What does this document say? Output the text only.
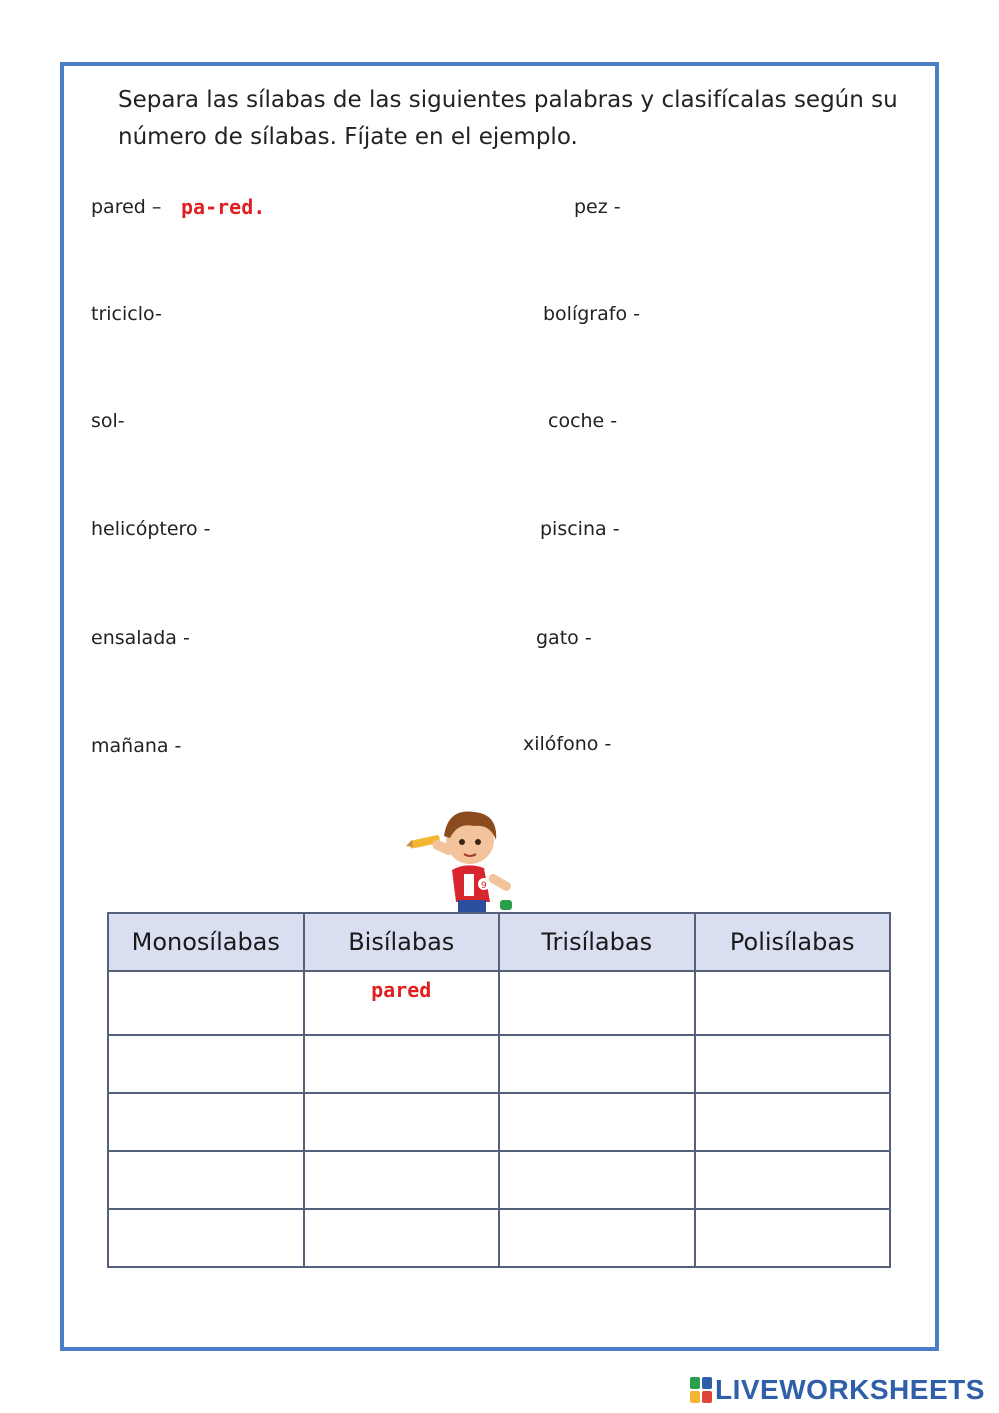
Separa las sílabas de las siguientes palabras y clasifícalas según su número de sílabas. Fíjate en el ejemplo.
pared – pa-red.	pez -
triciclo-	bolígrafo -
sol-	coche -
helicóptero -	piscina -
ensalada -	gato -
mañana -	xilófono -
9
Monosílabas	Bisílabas	Trisílabas	Polisílabas
	pared		

LIVEWORKSHEETS
